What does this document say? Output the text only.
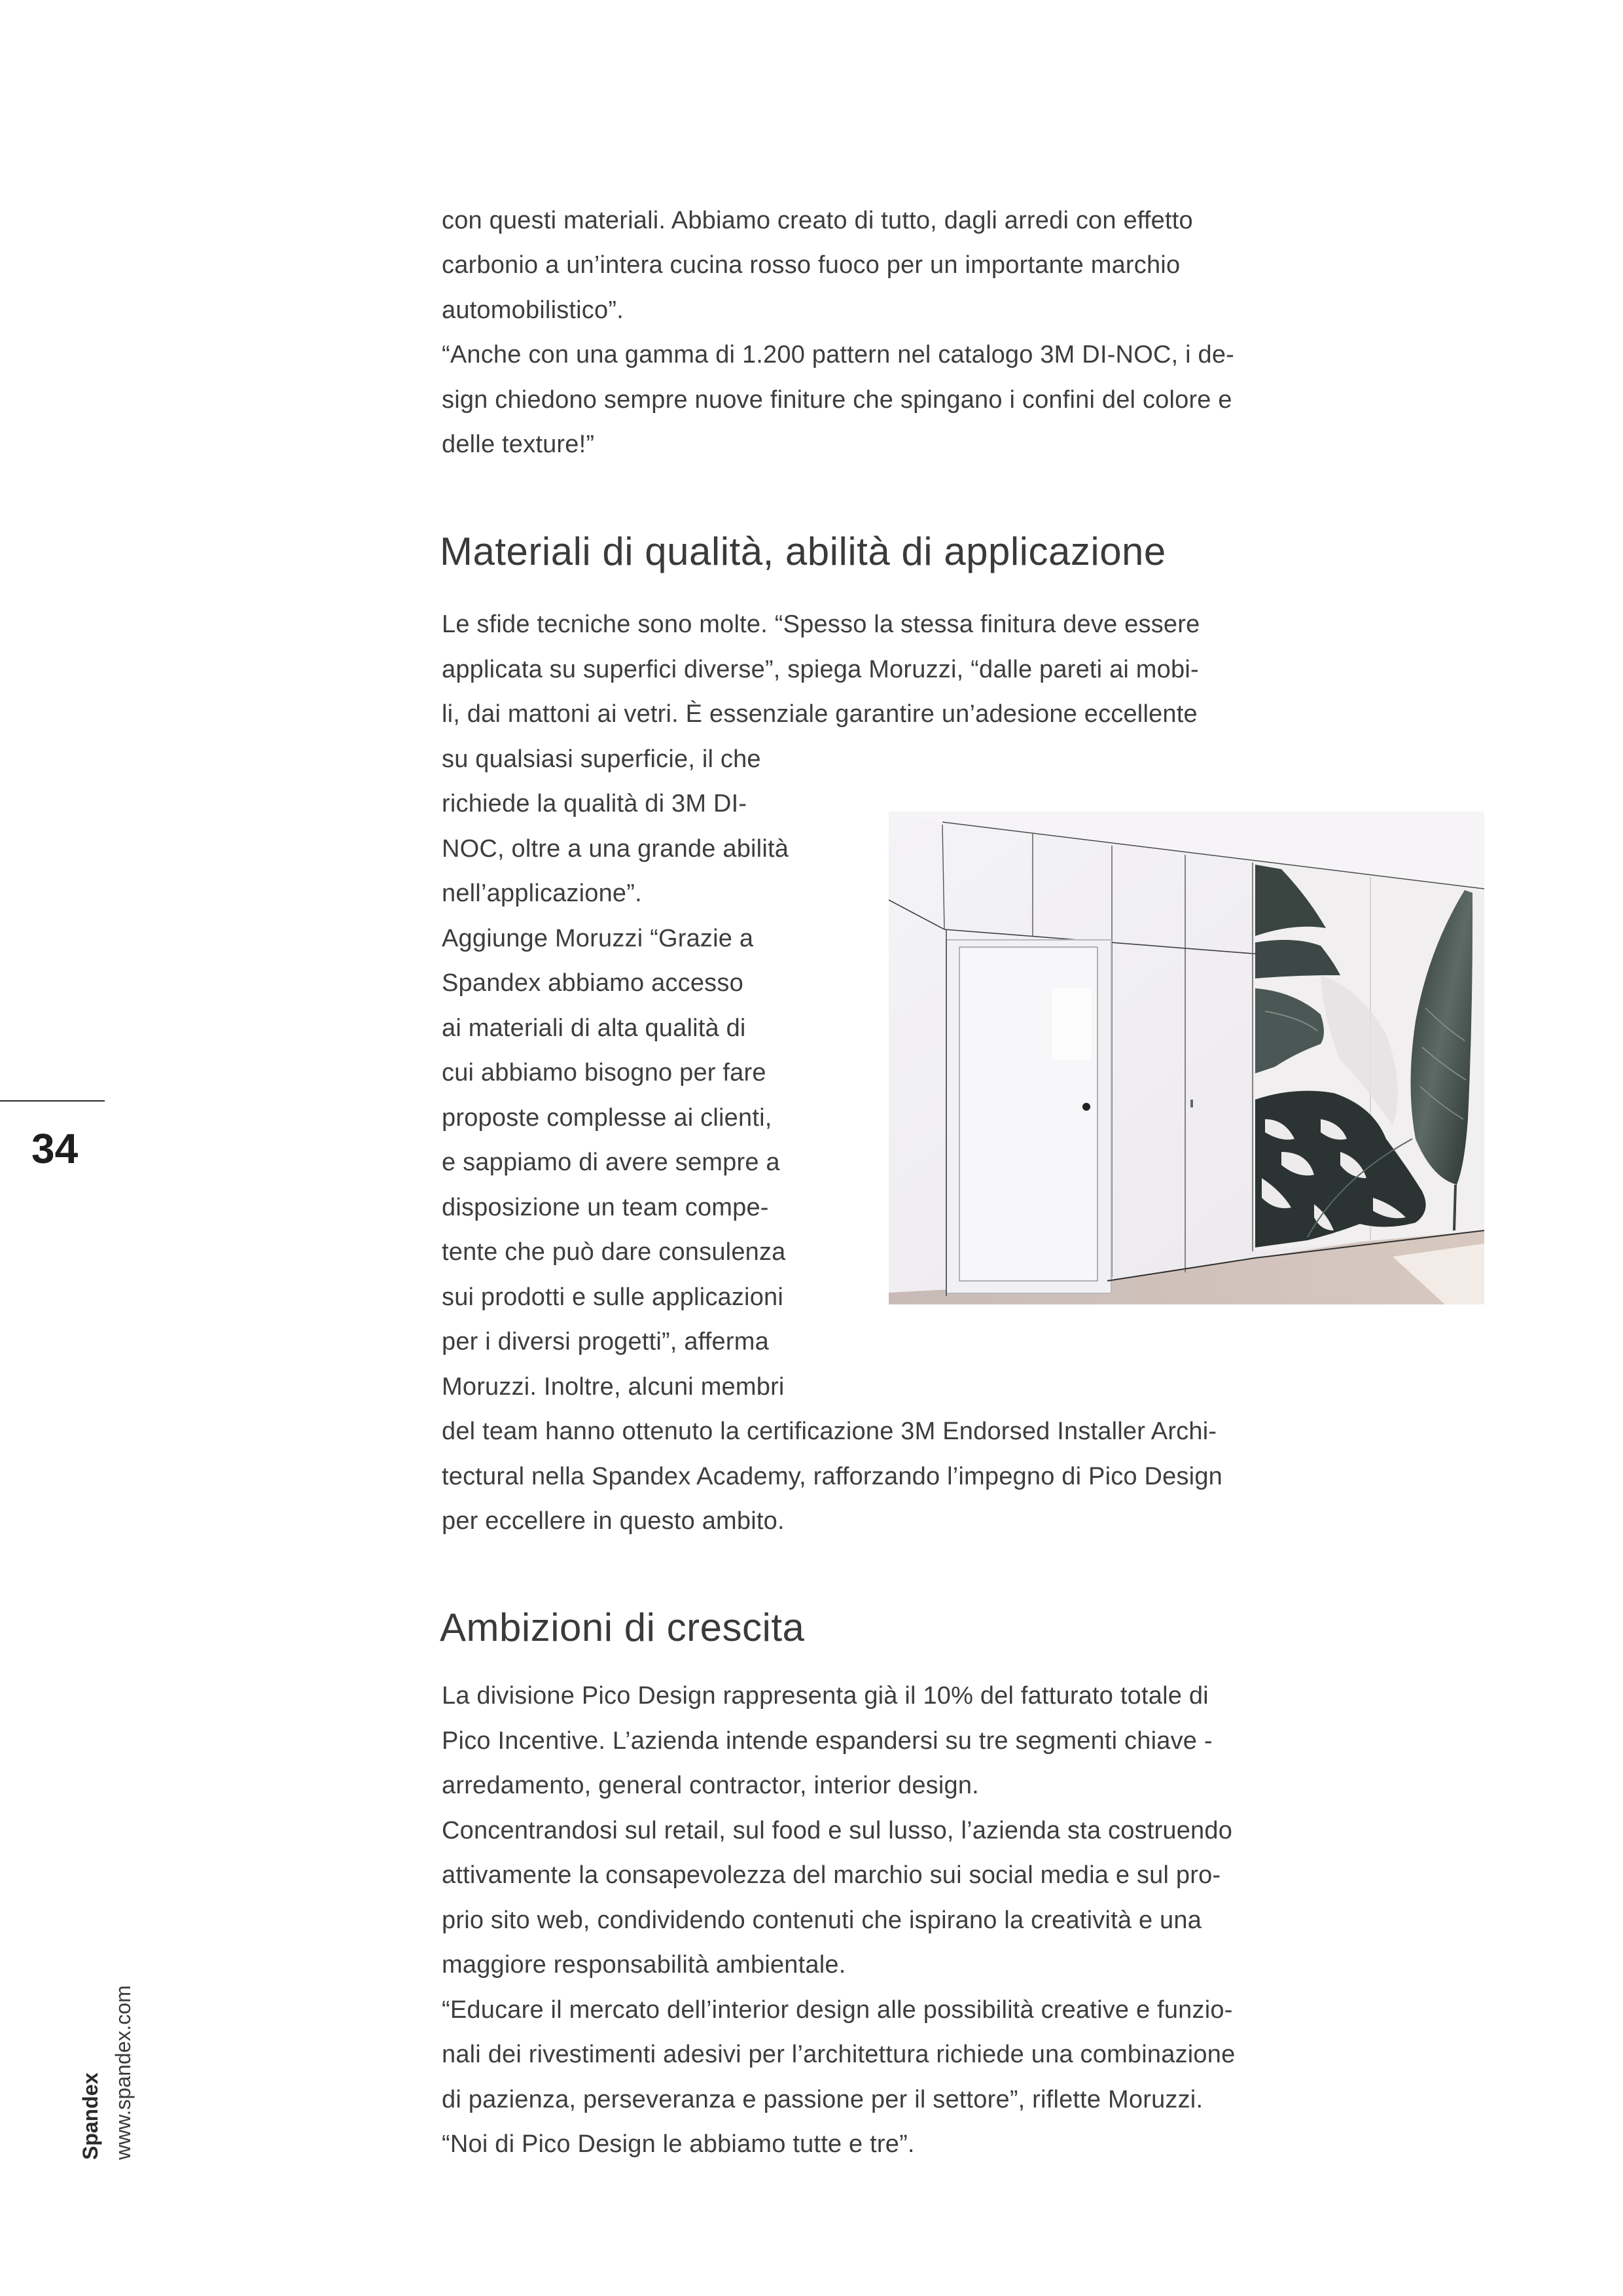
con questi materiali. Abbiamo creato di tutto, dagli arredi con effetto
carbonio a un’intera cucina rosso fuoco per un importante marchio
automobilistico”.
“Anche con una gamma di 1.200 pattern nel catalogo 3M DI-NOC, i de-
sign chiedono sempre nuove finiture che spingano i confini del colore e
delle texture!”
Materiali di qualità, abilità di applicazione
Le sfide tecniche sono molte. “Spesso la stessa finitura deve essere
applicata su superfici diverse”, spiega Moruzzi, “dalle pareti ai mobi-
li, dai mattoni ai vetri. È essenziale garantire un’adesione eccellente
su qualsiasi superficie, il che
richiede la qualità di 3M DI-
NOC, oltre a una grande abilità
nell’applicazione”.
Aggiunge Moruzzi “Grazie a
Spandex abbiamo accesso
ai materiali di alta qualità di
cui abbiamo bisogno per fare
proposte complesse ai clienti,
e sappiamo di avere sempre a
disposizione un team compe-
tente che può dare consulenza
sui prodotti e sulle applicazioni
per i diversi progetti”, afferma
Moruzzi. Inoltre, alcuni membri
del team hanno ottenuto la certificazione 3M Endorsed Installer Archi-
tectural nella Spandex Academy, rafforzando l’impegno di Pico Design
per eccellere in questo ambito.
Ambizioni di crescita
La divisione Pico Design rappresenta già il 10% del fatturato totale di
Pico Incentive. L’azienda intende espandersi su tre segmenti chiave -
arredamento, general contractor, interior design.
Concentrandosi sul retail, sul food e sul lusso, l’azienda sta costruendo
attivamente la consapevolezza del marchio sui social media e sul pro-
prio sito web, condividendo contenuti che ispirano la creatività e una
maggiore responsabilità ambientale.
“Educare il mercato dell’interior design alle possibilità creative e funzio-
nali dei rivestimenti adesivi per l’architettura richiede una combinazione
di pazienza, perseveranza e passione per il settore”, riflette Moruzzi.
“Noi di Pico Design le abbiamo tutte e tre”.
34
Spandex www.spandex.com
